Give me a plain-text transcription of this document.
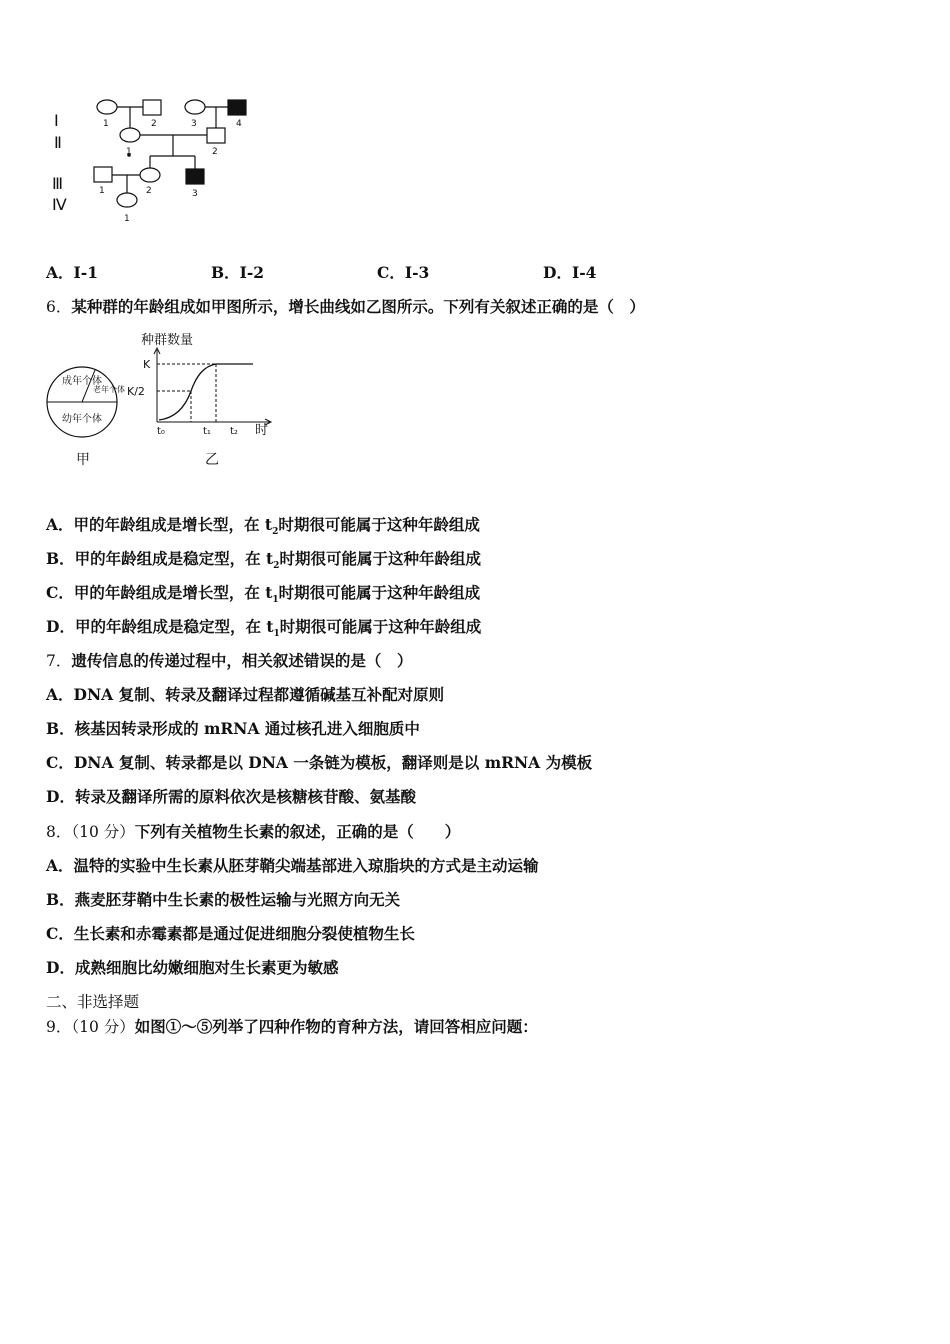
Ⅰ
Ⅱ
Ⅲ
Ⅳ
1	2	3	4
1	2
1	2	3
1
A．Ⅰ-1	B．Ⅰ-2	C．Ⅰ-3	D．Ⅰ-4
6．某种群的年龄组成如甲图所示，增长曲线如乙图所示。下列有关叙述正确的是（　）
成年个体
老年个体
幼年个体
甲
种群数量
K
K/2
t₀	t₁ t₂ 时
乙
A．甲的年龄组成是增长型，在 $t_2$时期很可能属于这种年龄组成
B．甲的年龄组成是稳定型，在 $t_2$时期很可能属于这种年龄组成
C．甲的年龄组成是增长型，在 $t_1$时期很可能属于这种年龄组成
D．甲的年龄组成是稳定型，在 $t_1$时期很可能属于这种年龄组成
7．遗传信息的传递过程中，相关叙述错误的是（　）
A．DNA 复制、转录及翻译过程都遵循碱基互补配对原则
B．核基因转录形成的 mRNA 通过核孔进入细胞质中
C．DNA 复制、转录都是以 DNA 一条链为模板，翻译则是以 mRNA 为模板
D．转录及翻译所需的原料依次是核糖核苷酸、氨基酸
8．（10 分）下列有关植物生长素的叙述，正确的是（　　）
A．温特的实验中生长素从胚芽鞘尖端基部进入琼脂块的方式是主动运输
B．燕麦胚芽鞘中生长素的极性运输与光照方向无关
C．生长素和赤霉素都是通过促进细胞分裂使植物生长
D．成熟细胞比幼嫩细胞对生长素更为敏感
二、非选择题
9．（10 分）如图①～⑤列举了四种作物的育种方法，请回答相应问题：
